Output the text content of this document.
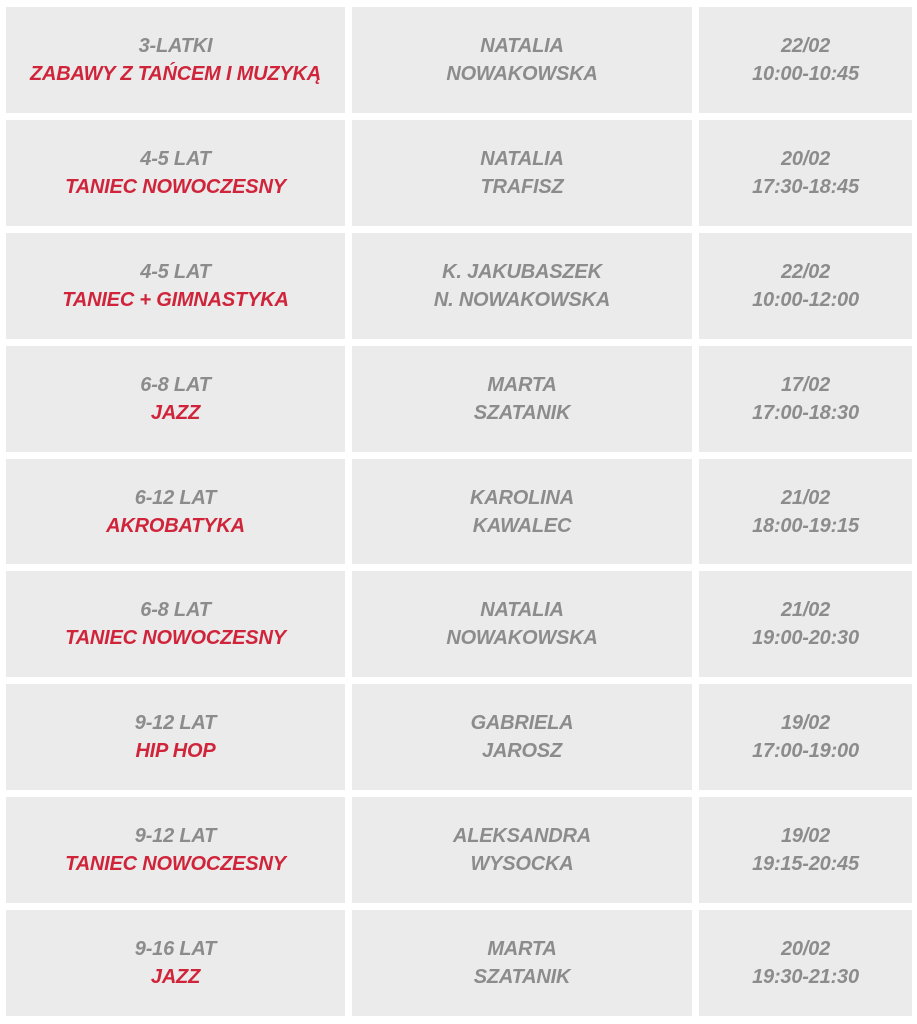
3-LATKI
ZABAWY Z TAŃCEM I MUZYKĄ
NATALIA
NOWAKOWSKA
22/02
10:00-10:45
4-5 LAT
TANIEC NOWOCZESNY
NATALIA
TRAFISZ
20/02
17:30-18:45
4-5 LAT
TANIEC + GIMNASTYKA
K. JAKUBASZEK
N. NOWAKOWSKA
22/02
10:00-12:00
6-8 LAT
JAZZ
MARTA
SZATANIK
17/02
17:00-18:30
6-12 LAT
AKROBATYKA
KAROLINA
KAWALEC
21/02
18:00-19:15
6-8 LAT
TANIEC NOWOCZESNY
NATALIA
NOWAKOWSKA
21/02
19:00-20:30
9-12 LAT
HIP HOP
GABRIELA
JAROSZ
19/02
17:00-19:00
9-12 LAT
TANIEC NOWOCZESNY
ALEKSANDRA
WYSOCKA
19/02
19:15-20:45
9-16 LAT
JAZZ
MARTA
SZATANIK
20/02
19:30-21:30
